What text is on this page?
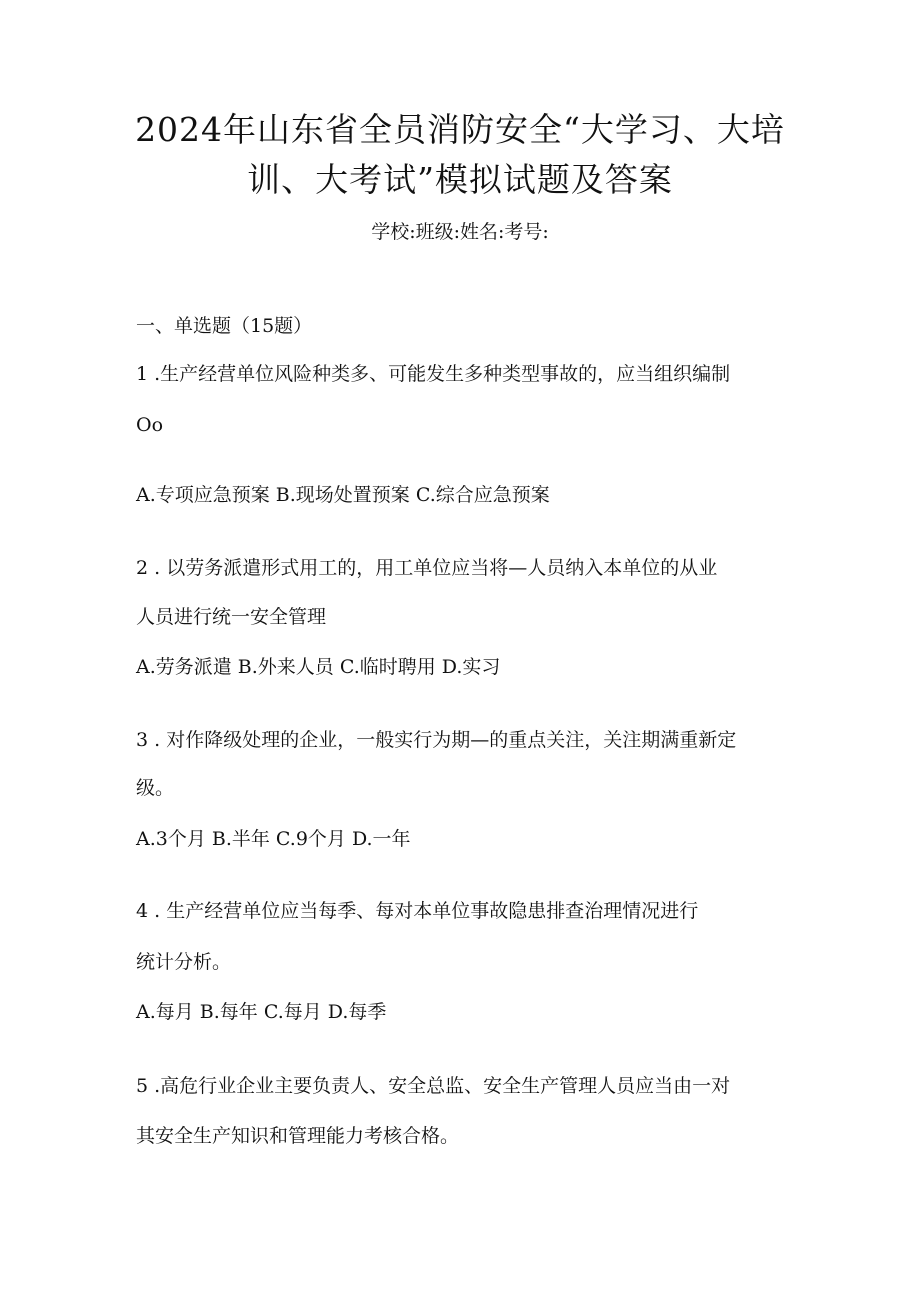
2024年山东省全员消防安全“大学习、大培
训、大考试”模拟试题及答案
学校:班级:姓名:考号:
一、单选题（15题）
1 .生产经营单位风险种类多、可能发生多种类型事故的，应当组织编制
Oo
A.专项应急预案 B.现场处置预案 C.综合应急预案
2 . 以劳务派遣形式用工的，用工单位应当将—人员纳入本单位的从业
人员进行统一安全管理
A.劳务派遣 B.外来人员 C.临时聘用 D.实习
3 . 对作降级处理的企业，一般实行为期—的重点关注，关注期满重新定
级。
A.3个月 B.半年 C.9个月 D.一年
4 . 生产经营单位应当每季、每对本单位事故隐患排查治理情况进行
统计分析。
A.每月 B.每年 C.每月 D.每季
5 .高危行业企业主要负责人、安全总监、安全生产管理人员应当由一对
其安全生产知识和管理能力考核合格。
